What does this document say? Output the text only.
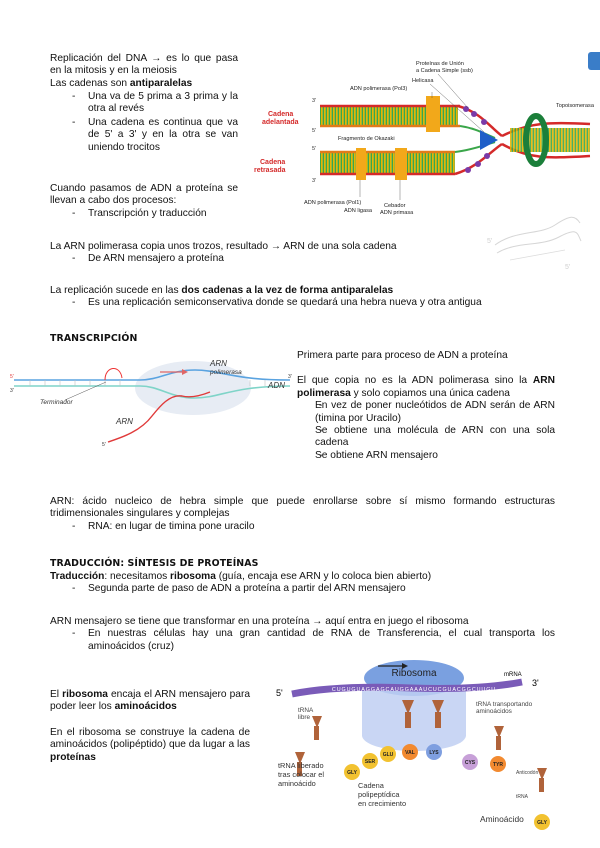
Replicación del DNA → es lo que pasa en la mitosis y en la meiosis

Las cadenas son antiparalelas
- Una va de 5 prima a 3 prima y la otra al revés
- Una cadena es continua que va de 5' a 3' y en la otra se van uniendo trocitos

Cuando pasamos de ADN a proteína se llevan a cabo dos procesos:

- Transcripción y traducción
Proteínas de Unión
a Cadena Simple (ssb)
Helicasa
ADN polimerasa (Pol3)
Topoisomerasa
Fragmento de Okazaki
ADN polimerasa (Pol1)
ADN ligasa
Cebador
ADN primasa
Cadena
adelantada
Cadena
retrasada
3'
5'
5'
3'
5'
5'

La ARN polimerasa copia unos trozos, resultado → ARN de una sola cadena

- De ARN mensajero a proteína

La replicación sucede en las dos cadenas a la vez de forma antiparalelas

- Es una replicación semiconservativa donde se quedará una hebra nueva y otra antigua
TRANSCRIPCIÓN
ARN
polimerasa
ADN
Terminador
ARN
5'
3'
3'
5'

Primera parte para proceso de ADN a proteína

El que copia no es la ADN polimerasa sino la ARN polimerasa y solo copiamos una única cadena

- En vez de poner nucleótidos de ADN serán de ARN (timina por Uracilo)
- Se obtiene una molécula de ARN con una sola cadena
- Se obtiene ARN mensajero

ARN: ácido nucleico de hebra simple que puede enrollarse sobre sí mismo formando estructuras tridimensionales singulares y complejas

- RNA: en lugar de timina pone uracilo
TRADUCCIÓN: SÍNTESIS DE PROTEÍNAS

Traducción: necesitamos ribosoma (guía, encaja ese ARN y lo coloca bien abierto)

- Segunda parte de paso de ADN a proteína a partir del ARN mensajero

ARN mensajero se tiene que transformar en una proteína → aquí entra en juego el ribosoma

- En nuestras células hay una gran cantidad de RNA de Transferencia, el cual transporta los aminoácidos (cruz)

El ribosoma encaja el ARN mensajero para poder leer los aminoácidos

En el ribosoma se construye la cadena de aminoácidos (polipéptido) que da lugar a las proteínas

Ribosoma
CUGUGUAGGAGCAUGGAAAUCUCGUACGGCUUGU
5'
3'
mRNA
GLY
SER
GLU VAL	LYS
CYS	TYR
GLY
tRNA
libre
tRNA transportando
aminoácidos
Anticodón
tRNA
tRNA liberado
tras colocar el
aminoácido	Cadena
polipeptídica
en crecimiento
Aminoácido
